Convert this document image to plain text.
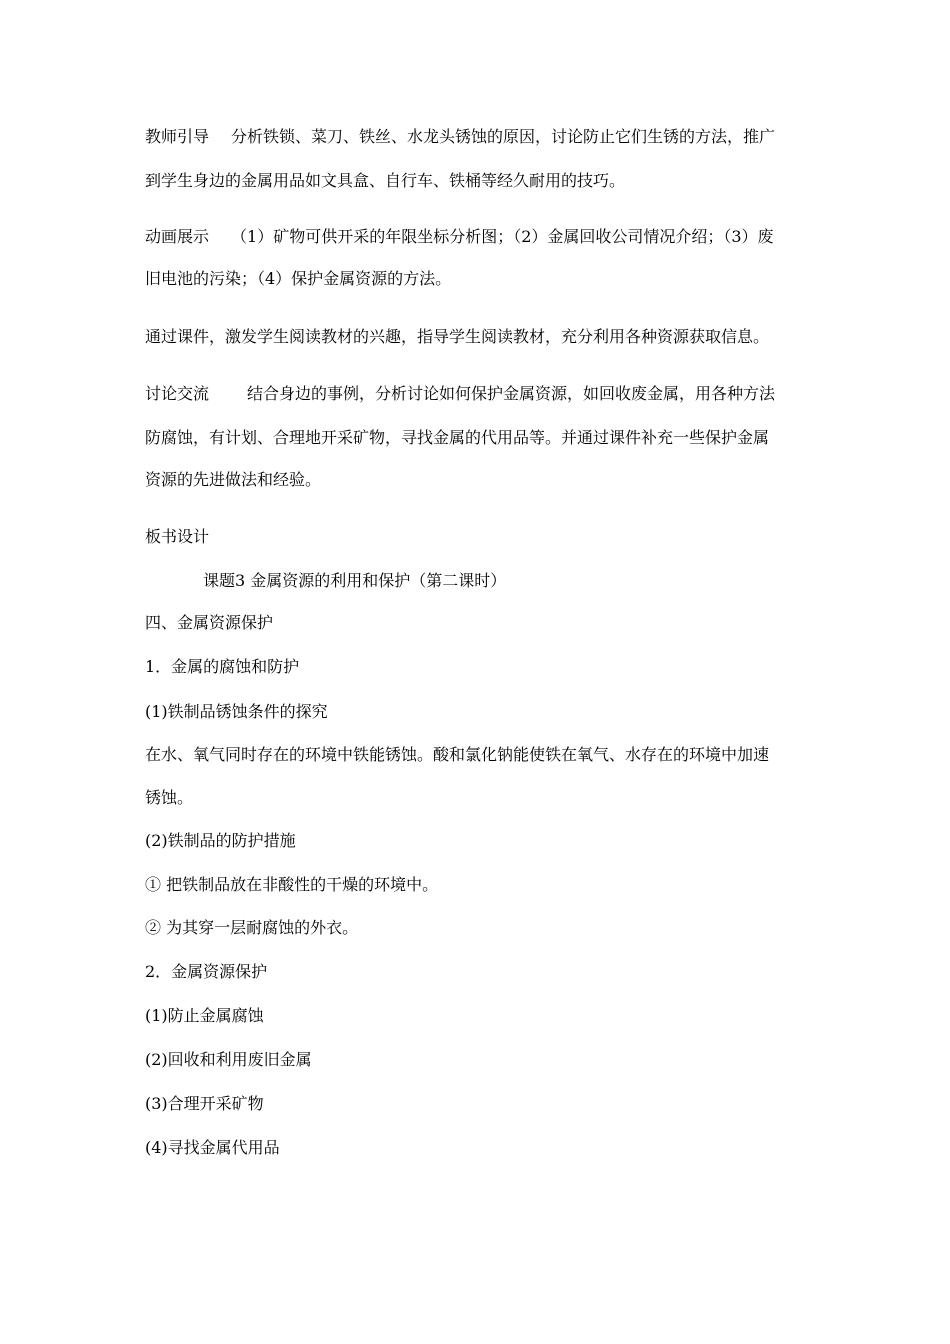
教师引导 分析铁锁、菜刀、铁丝、水龙头锈蚀的原因，讨论防止它们生锈的方法，推广
到学生身边的金属用品如文具盒、自行车、铁桶等经久耐用的技巧。
动画展示 （1）矿物可供开采的年限坐标分析图；（2）金属回收公司情况介绍；（3）废
旧电池的污染；（4）保护金属资源的方法。
通过课件，激发学生阅读教材的兴趣，指导学生阅读教材，充分利用各种资源获取信息。
讨论交流 结合身边的事例，分析讨论如何保护金属资源，如回收废金属，用各种方法
防腐蚀，有计划、合理地开采矿物，寻找金属的代用品等。并通过课件补充一些保护金属
资源的先进做法和经验。
板书设计
课题3 金属资源的利用和保护（第二课时）
四、金属资源保护
1．金属的腐蚀和防护
(1)铁制品锈蚀条件的探究
在水、氧气同时存在的环境中铁能锈蚀。酸和氯化钠能使铁在氧气、水存在的环境中加速
锈蚀。
(2)铁制品的防护措施
① 把铁制品放在非酸性的干燥的环境中。
② 为其穿一层耐腐蚀的外衣。
2．金属资源保护
(1)防止金属腐蚀
(2)回收和利用废旧金属
(3)合理开采矿物
(4)寻找金属代用品
